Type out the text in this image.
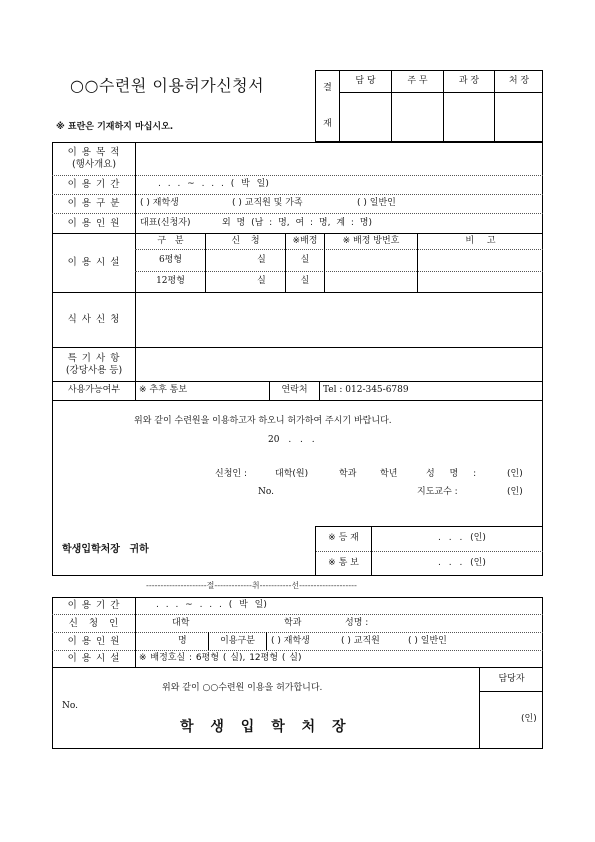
○○수련원 이용허가신청서
※ 표란은 기재하지 마십시오.
결
재
담 당	주 무	과 장	처 장
이 용 목 적
(행사개요)
이 용 기 간	. . . ~ . . . ( 박 일)
이 용 구 분	( ) 재학생	( ) 교직원 및 가족	( ) 일반인
이 용 인 원	대표(신청자)	외 명 (남 : 명, 여 : 명, 계 : 명)
이 용 시 설
구 분	신 청	※배정	※ 배정 방번호	비 고
6평형	실	실
12평형	실	실
식 사 신 청
특 기 사 항
(강당사용 등)
사용가능여부	※ 추후 통보	연락처	Tel : 012-345-6789
위와 같이 수련원을 이용하고자 하오니 허가하여 주시기 바랍니다.
20 . . .
신청인 :	대학(원)	학과	학년	성 명 :	(인)
No.	지도교수 :	(인)
학생입학처장 귀하
※ 등 재	. . . (인)
※ 통 보	. . . (인)
---------------------절-------------취-----------선--------------------
이 용 기 간	. . . ~ . . . ( 박 일)
신 청 인	대학	학과	성명 :
이 용 인 원	명	이용구분	( ) 재학생	( ) 교직원	( ) 일반인
이 용 시 설	※ 배정호실 : 6평형 ( 실), 12평형 ( 실)
위와 같이 ○○수련원 이용을 허가합니다.
No.
학 생 입 학 처 장
담당자
(인)
